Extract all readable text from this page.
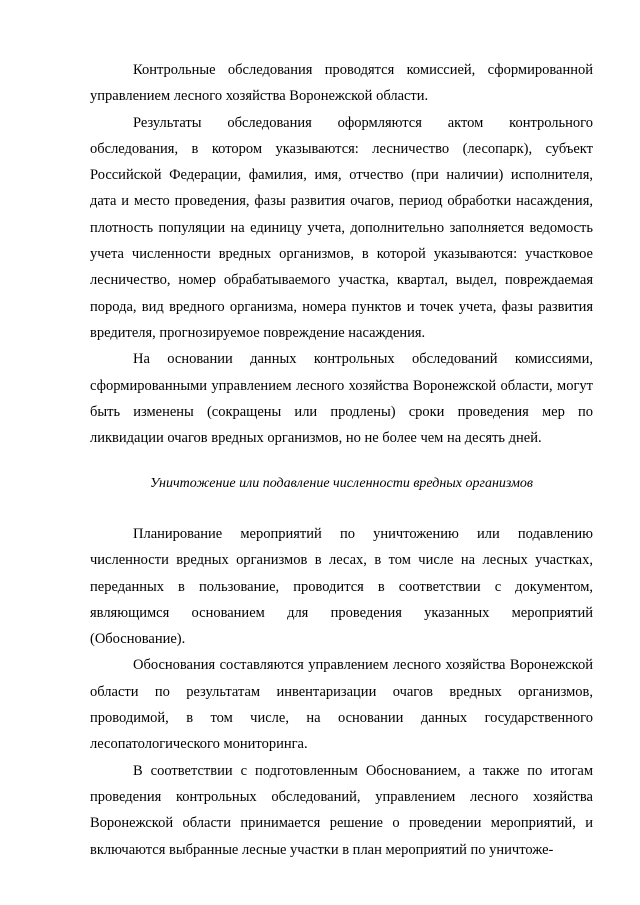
Контрольные обследования проводятся комиссией, сформированной управлением лесного хозяйства Воронежской области.

Результаты обследования оформляются актом контрольного обследования, в котором указываются: лесничество (лесопарк), субъект Российской Федерации, фамилия, имя, отчество (при наличии) исполнителя, дата и место проведения, фазы развития очагов, период обработки насаждения, плотность популяции на единицу учета, дополнительно заполняется ведомость учета численности вредных организмов, в которой указываются: участковое лесничество, номер обрабатываемого участка, квартал, выдел, повреждаемая порода, вид вредного организма, номера пунктов и точек учета, фазы развития вредителя, прогнозируемое повреждение насаждения.

На основании данных контрольных обследований комиссиями, сформированными управлением лесного хозяйства Воронежской области, могут быть изменены (сокращены или продлены) сроки проведения мер по ликвидации очагов вредных организмов, но не более чем на десять дней.

Уничтожение или подавление численности вредных организмов

Планирование мероприятий по уничтожению или подавлению численности вредных организмов в лесах, в том числе на лесных участках, переданных в пользование, проводится в соответствии с документом, являющимся основанием для проведения указанных мероприятий (Обоснование).

Обоснования составляются управлением лесного хозяйства Воронежской области по результатам инвентаризации очагов вредных организмов, проводимой, в том числе, на основании данных государственного лесопатологического мониторинга.

В соответствии с подготовленным Обоснованием, а также по итогам проведения контрольных обследований, управлением лесного хозяйства Воронежской области принимается решение о проведении мероприятий, и включаются выбранные лесные участки в план мероприятий по уничтоже-
